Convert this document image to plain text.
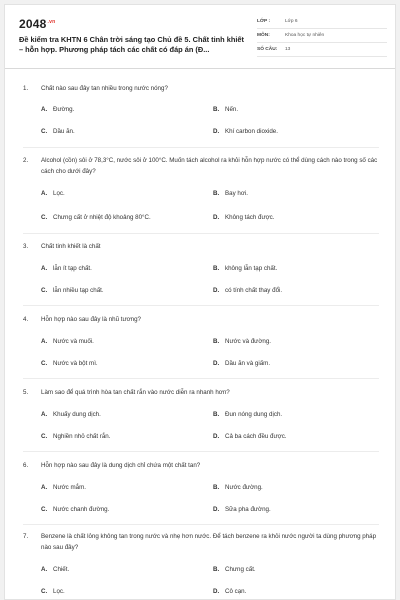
$2048^{.vn}$
Đề kiểm tra KHTN 6 Chân trời sáng tạo Chủ đề 5. Chất tinh khiết – hỗn hợp. Phương pháp tách các chất có đáp án (Đ...
LỚP :	Lớp 6
MÔN:	Khoa học tự nhiên
SỐ CÂU:	13
1.	Chất nào sau đây tan nhiều trong nước nóng?
A. Đường.	B. Nến.
C. Dầu ăn.	D. Khí carbon dioxide.
2.	Alcohol (cồn) sôi ở 78,3°C, nước sôi ở 100°C. Muốn tách alcohol ra khỏi hỗn hợp nước có thể dùng cách nào trong số các cách cho dưới đây?
A. Lọc.	B. Bay hơi.
C. Chưng cất ở nhiệt độ khoảng 80°C.	D. Không tách được.
3.	Chất tinh khiết là chất
A. lẫn ít tạp chất.	B. không lẫn tạp chất.
C. lẫn nhiều tạp chất.	D. có tính chất thay đổi.
4.	Hỗn hợp nào sau đây là nhũ tương?
A. Nước và muối.	B. Nước và đường.
C. Nước và bột mì.	D. Dầu ăn và giấm.
5.	Làm sao để quá trình hòa tan chất rắn vào nước diễn ra nhanh hơn?
A. Khuấy dung dịch.	B. Đun nóng dung dịch.
C. Nghiền nhỏ chất rắn.	D. Cả ba cách đều được.
6.	Hỗn hợp nào sau đây là dung dịch chỉ chứa một chất tan?
A. Nước mắm.	B. Nước đường.
C. Nước chanh đường.	D. Sữa pha đường.
7.	Benzene là chất lỏng không tan trong nước và nhẹ hơn nước. Để tách benzene ra khỏi nước người ta dùng phương pháp nào sau đây?
A. Chiết.	B. Chưng cất.
C. Lọc.	D. Cô cạn.
